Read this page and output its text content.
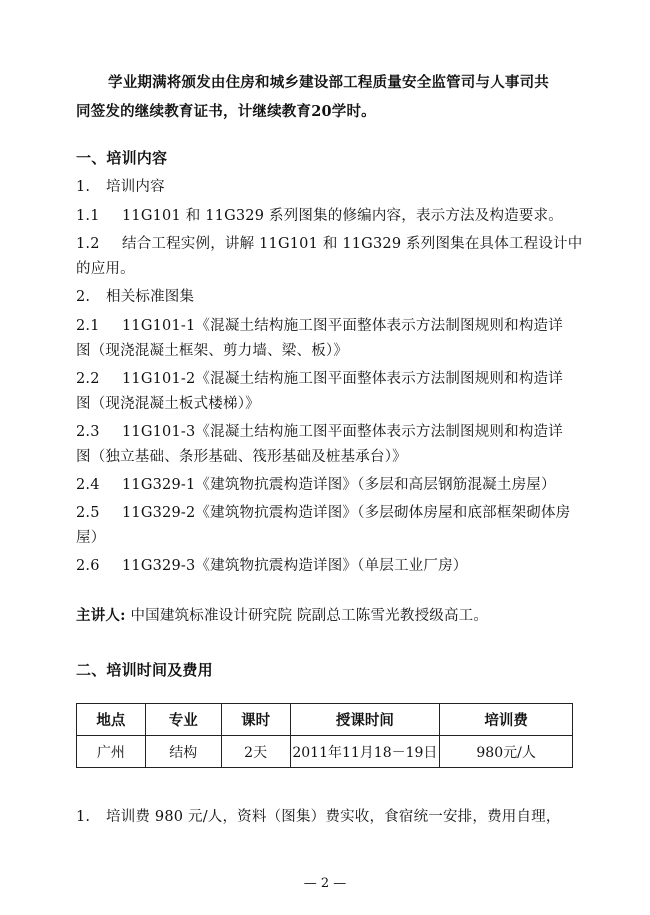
学业期满将颁发由住房和城乡建设部工程质量安全监管司与人事司共
同签发的继续教育证书，计继续教育20学时。
一、培训内容
1. 培训内容
1.1 11G101 和 11G329 系列图集的修编内容，表示方法及构造要求。
1.2 结合工程实例，讲解 11G101 和 11G329 系列图集在具体工程设计中
的应用。
2. 相关标准图集
2.1 11G101-1《混凝土结构施工图平面整体表示方法制图规则和构造详
图（现浇混凝土框架、剪力墙、梁、板）》
2.2 11G101-2《混凝土结构施工图平面整体表示方法制图规则和构造详
图（现浇混凝土板式楼梯）》
2.3 11G101-3《混凝土结构施工图平面整体表示方法制图规则和构造详
图（独立基础、条形基础、筏形基础及桩基承台）》
2.4 11G329-1《建筑物抗震构造详图》（多层和高层钢筋混凝土房屋）
2.5 11G329-2《建筑物抗震构造详图》（多层砌体房屋和底部框架砌体房
屋）
2.6 11G329-3《建筑物抗震构造详图》（单层工业厂房）
主讲人: 中国建筑标准设计研究院 院副总工陈雪光教授级高工。
二、培训时间及费用
地点	专业	课时	授课时间	培训费
广州	结构	2天	2011年11月18－19日	980元/人
1. 培训费 980 元/人，资料（图集）费实收，食宿统一安排，费用自理，
— 2 —
